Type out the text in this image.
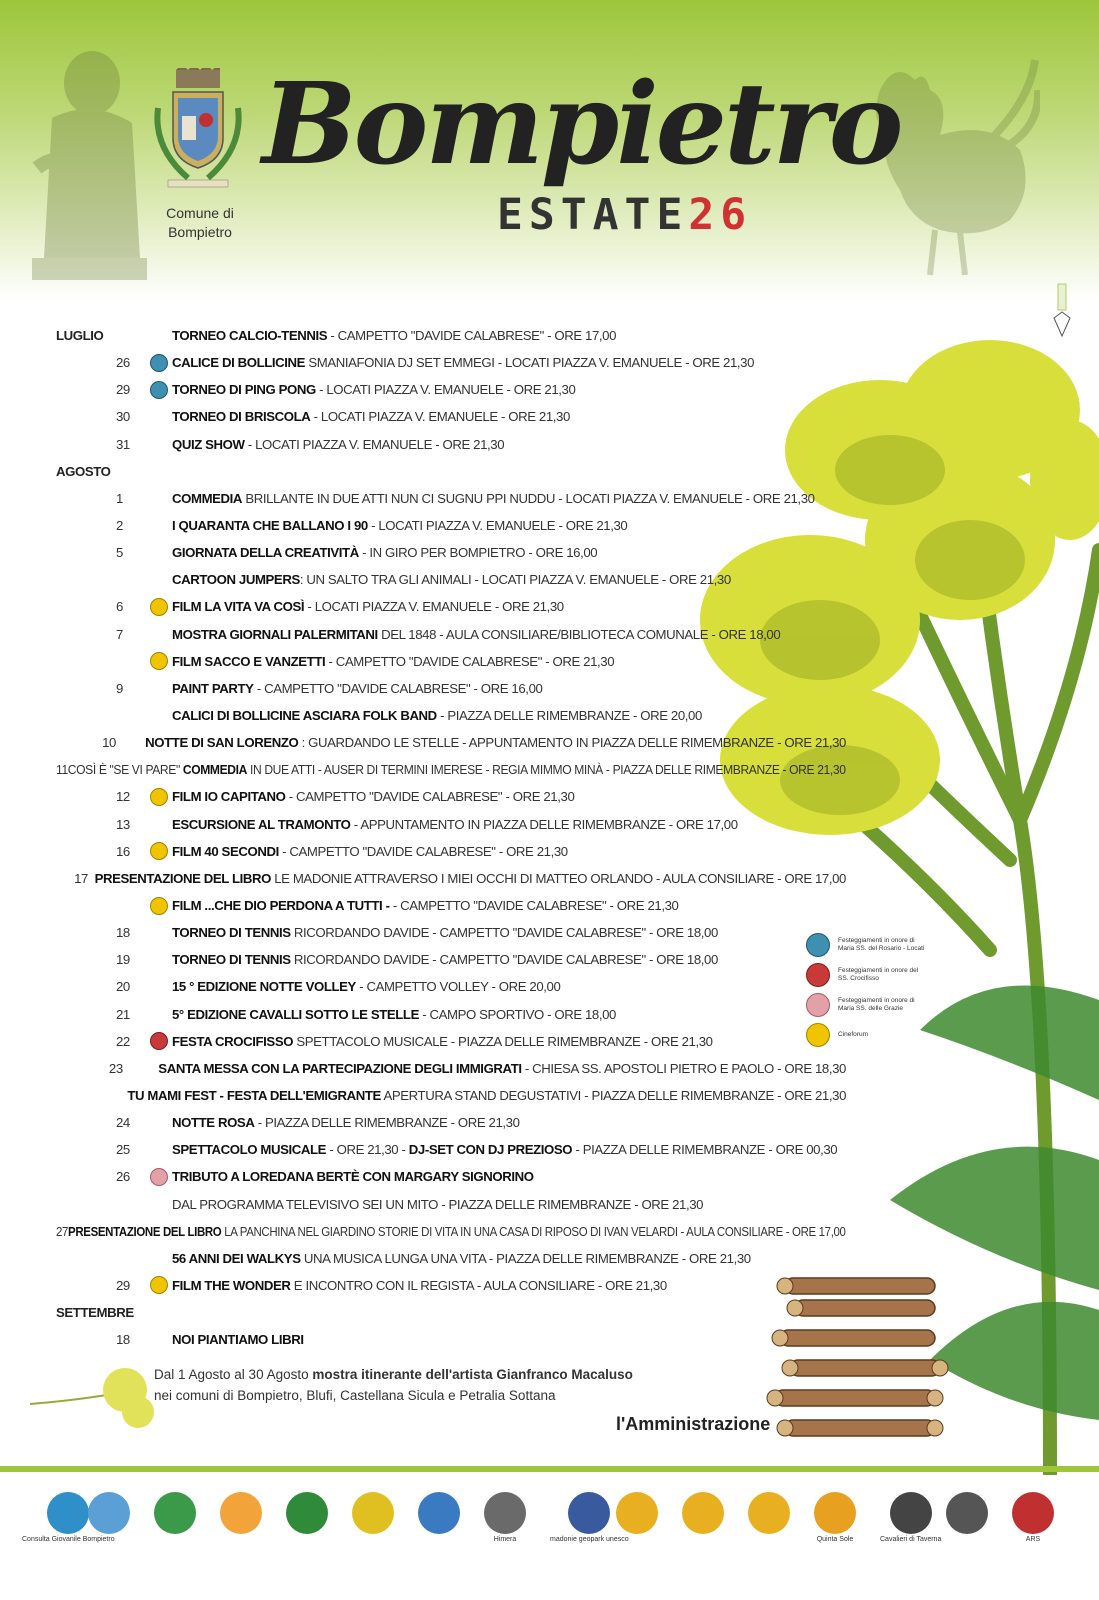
Comune di
Bompietro
Bompietro
ESTATE26
LUGLIO	TORNEO CALCIO-TENNIS - CAMPETTO "DAVIDE CALABRESE" - ORE 17,00
26	CALICE DI BOLLICINE SMANIAFONIA DJ SET EMMEGI - LOCATI PIAZZA V. EMANUELE - ORE 21,30
29	TORNEO DI PING PONG - LOCATI PIAZZA V. EMANUELE - ORE 21,30
30	TORNEO DI BRISCOLA - LOCATI PIAZZA V. EMANUELE - ORE 21,30
31	QUIZ SHOW - LOCATI PIAZZA V. EMANUELE - ORE 21,30
AGOSTO
1	COMMEDIA BRILLANTE IN DUE ATTI NUN CI SUGNU PPI NUDDU - LOCATI PIAZZA V. EMANUELE - ORE 21,30
2	I QUARANTA CHE BALLANO I 90 - LOCATI PIAZZA V. EMANUELE - ORE 21,30
5	GIORNATA DELLA CREATIVITÀ - IN GIRO PER BOMPIETRO - ORE 16,00
CARTOON JUMPERS: UN SALTO TRA GLI ANIMALI - LOCATI PIAZZA V. EMANUELE - ORE 21,30
6	FILM LA VITA VA COSÌ - LOCATI PIAZZA V. EMANUELE - ORE 21,30
7	MOSTRA GIORNALI PALERMITANI DEL 1848 - AULA CONSILIARE/BIBLIOTECA COMUNALE - ORE 18,00
FILM SACCO E VANZETTI - CAMPETTO "DAVIDE CALABRESE" - ORE 21,30
9	PAINT PARTY - CAMPETTO "DAVIDE CALABRESE" - ORE 16,00
CALICI DI BOLLICINE ASCIARA FOLK BAND - PIAZZA DELLE RIMEMBRANZE - ORE 20,00
10	NOTTE DI SAN LORENZO : GUARDANDO LE STELLE - APPUNTAMENTO IN PIAZZA DELLE RIMEMBRANZE - ORE 21,30
11 COSÌ È "SE VI PARE" COMMEDIA IN DUE ATTI - AUSER DI TERMINI IMERESE - REGIA MIMMO MINÀ - PIAZZA DELLE RIMEMBRANZE - ORE 21,30
12	FILM IO CAPITANO - CAMPETTO "DAVIDE CALABRESE" - ORE 21,30
13	ESCURSIONE AL TRAMONTO - APPUNTAMENTO IN PIAZZA DELLE RIMEMBRANZE - ORE 17,00
16	FILM 40 SECONDI - CAMPETTO "DAVIDE CALABRESE" - ORE 21,30
17 PRESENTAZIONE DEL LIBRO LE MADONIE ATTRAVERSO I MIEI OCCHI DI MATTEO ORLANDO - AULA CONSILIARE - ORE 17,00
FILM ...CHE DIO PERDONA A TUTTI - - CAMPETTO "DAVIDE CALABRESE" - ORE 21,30
18	TORNEO DI TENNIS RICORDANDO DAVIDE - CAMPETTO "DAVIDE CALABRESE" - ORE 18,00
19	TORNEO DI TENNIS RICORDANDO DAVIDE - CAMPETTO "DAVIDE CALABRESE" - ORE 18,00
20	15 ° EDIZIONE NOTTE VOLLEY - CAMPETTO VOLLEY - ORE 20,00
21	5° EDIZIONE CAVALLI SOTTO LE STELLE - CAMPO SPORTIVO - ORE 18,00
22	FESTA CROCIFISSO SPETTACOLO MUSICALE - PIAZZA DELLE RIMEMBRANZE - ORE 21,30
23	SANTA MESSA CON LA PARTECIPAZIONE DEGLI IMMIGRATI - CHIESA SS. APOSTOLI PIETRO E PAOLO - ORE 18,30
TU MAMI FEST - FESTA DELL'EMIGRANTE APERTURA STAND DEGUSTATIVI - PIAZZA DELLE RIMEMBRANZE - ORE 21,30
24	NOTTE ROSA - PIAZZA DELLE RIMEMBRANZE - ORE 21,30
25	SPETTACOLO MUSICALE - ORE 21,30 - DJ-SET CON DJ PREZIOSO - PIAZZA DELLE RIMEMBRANZE - ORE 00,30
26	TRIBUTO A LOREDANA BERTÈ CON MARGARY SIGNORINO
DAL PROGRAMMA TELEVISIVO SEI UN MITO - PIAZZA DELLE RIMEMBRANZE - ORE 21,30
27 PRESENTAZIONE DEL LIBRO LA PANCHINA NEL GIARDINO STORIE DI VITA IN UNA CASA DI RIPOSO DI IVAN VELARDI - AULA CONSILIARE - ORE 17,00
56 ANNI DEI WALKYS UNA MUSICA LUNGA UNA VITA - PIAZZA DELLE RIMEMBRANZE - ORE 21,30
29	FILM THE WONDER E INCONTRO CON IL REGISTA - AULA CONSILIARE - ORE 21,30
SETTEMBRE
18	NOI PIANTIAMO LIBRI
Festeggiamenti in onore di Maria SS. del Rosario - Locati
Festeggiamenti in onore del SS. Crocifisso
Festeggiamenti in onore di Maria SS. delle Grazie
Cineforum
Dal 1 Agosto al 30 Agosto mostra itinerante dell'artista Gianfranco Macaluso
nei comuni di Bompietro, Blufi, Castellana Sicula e Petralia Sottana
l'Amministrazione
Consulta Giovanile Bompietro	Himera	madonie geopark unesco	Quinta Sole	Cavalieri di Taverna	ARS
